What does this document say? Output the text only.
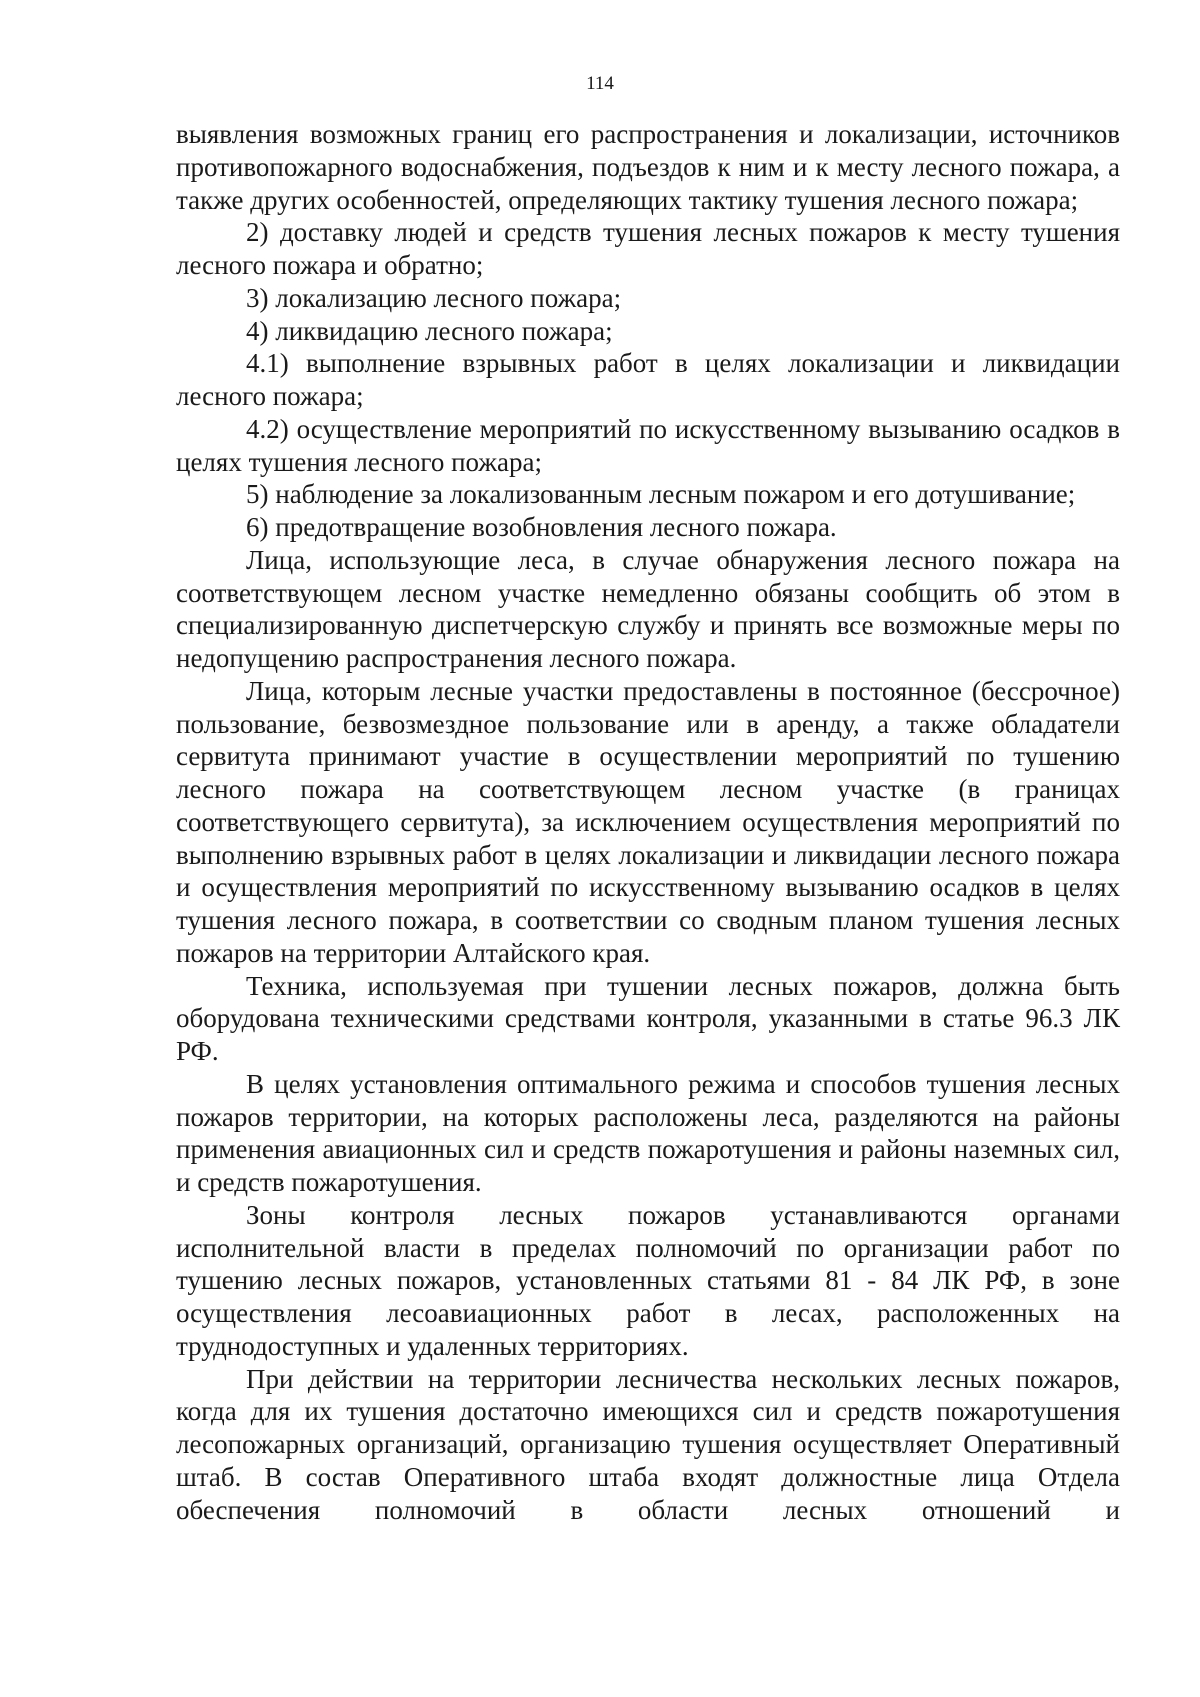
114

выявления возможных границ его распространения и локализации, источников противопожарного водоснабжения, подъездов к ним и к месту лесного пожара, а также других особенностей, определяющих тактику тушения лесного пожара;

2) доставку людей и средств тушения лесных пожаров к месту тушения лесного пожара и обратно;

3) локализацию лесного пожара;

4) ликвидацию лесного пожара;

4.1) выполнение взрывных работ в целях локализации и ликвидации лесного пожара;

4.2) осуществление мероприятий по искусственному вызыванию осадков в целях тушения лесного пожара;

5) наблюдение за локализованным лесным пожаром и его дотушивание;

6) предотвращение возобновления лесного пожара.

Лица, использующие леса, в случае обнаружения лесного пожара на соответствующем лесном участке немедленно обязаны сообщить об этом в специализированную диспетчерскую службу и принять все возможные меры по недопущению распространения лесного пожара.

Лица, которым лесные участки предоставлены в постоянное (бессрочное) пользование, безвозмездное пользование или в аренду, а также обладатели сервитута принимают участие в осуществлении мероприятий по тушению лесного пожара на соответствующем лесном участке (в границах соответствующего сервитута), за исключением осуществления мероприятий по выполнению взрывных работ в целях локализации и ликвидации лесного пожара и осуществления мероприятий по искусственному вызыванию осадков в целях тушения лесного пожара, в соответствии со сводным планом тушения лесных пожаров на территории Алтайского края.

Техника, используемая при тушении лесных пожаров, должна быть оборудована техническими средствами контроля, указанными в статье 96.3 ЛК РФ.

В целях установления оптимального режима и способов тушения лесных пожаров территории, на которых расположены леса, разделяются на районы применения авиационных сил и средств пожаротушения и районы наземных сил, и средств пожаротушения.

Зоны контроля лесных пожаров устанавливаются органами исполнительной власти в пределах полномочий по организации работ по тушению лесных пожаров, установленных статьями 81 - 84 ЛК РФ, в зоне осуществления лесоавиационных работ в лесах, расположенных на труднодоступных и удаленных территориях.

При действии на территории лесничества нескольких лесных пожаров, когда для их тушения достаточно имеющихся сил и средств пожаротушения лесопожарных организаций, организацию тушения осуществляет Оперативный штаб. В состав Оперативного штаба входят должностные лица Отдела обеспечения полномочий в области лесных отношений и
